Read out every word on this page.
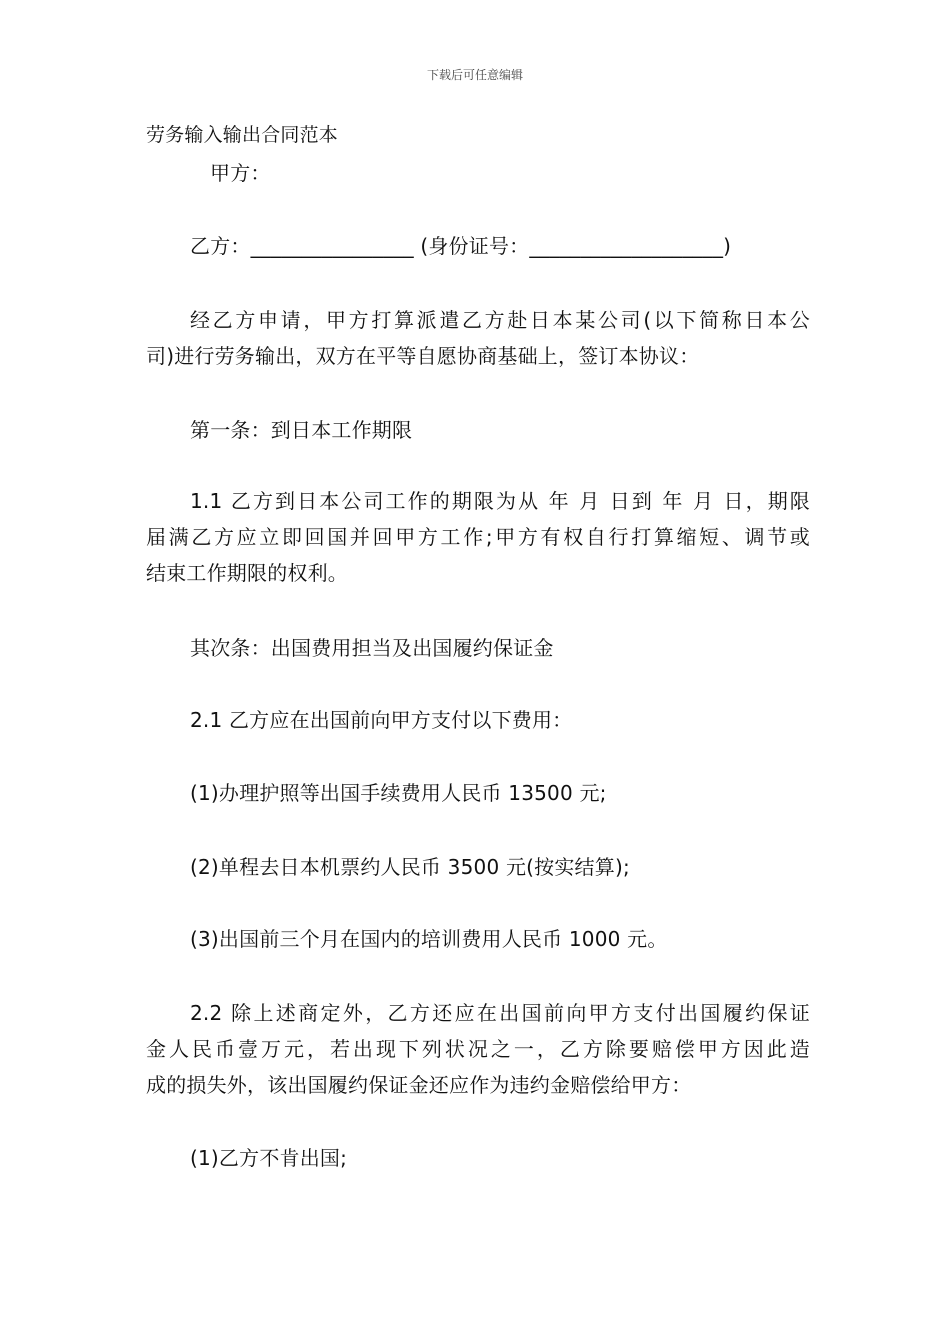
下载后可任意编辑
劳务输入输出合同范本
甲方：
乙方：________________ (身份证号：___________________)
经乙方申请，甲方打算派遣乙方赴日本某公司(以下简称日本公
司)进行劳务输出，双方在平等自愿协商基础上，签订本协议：
第一条：到日本工作期限
1.1 乙方到日本公司工作的期限为从 年 月 日到 年 月 日，期限
届满乙方应立即回国并回甲方工作;甲方有权自行打算缩短、调节或
结束工作期限的权利。
其次条：出国费用担当及出国履约保证金
2.1 乙方应在出国前向甲方支付以下费用：
(1)办理护照等出国手续费用人民币 13500 元;
(2)单程去日本机票约人民币 3500 元(按实结算);
(3)出国前三个月在国内的培训费用人民币 1000 元。
2.2 除上述商定外，乙方还应在出国前向甲方支付出国履约保证
金人民币壹万元，若出现下列状况之一，乙方除要赔偿甲方因此造
成的损失外，该出国履约保证金还应作为违约金赔偿给甲方：
(1)乙方不肯出国;
